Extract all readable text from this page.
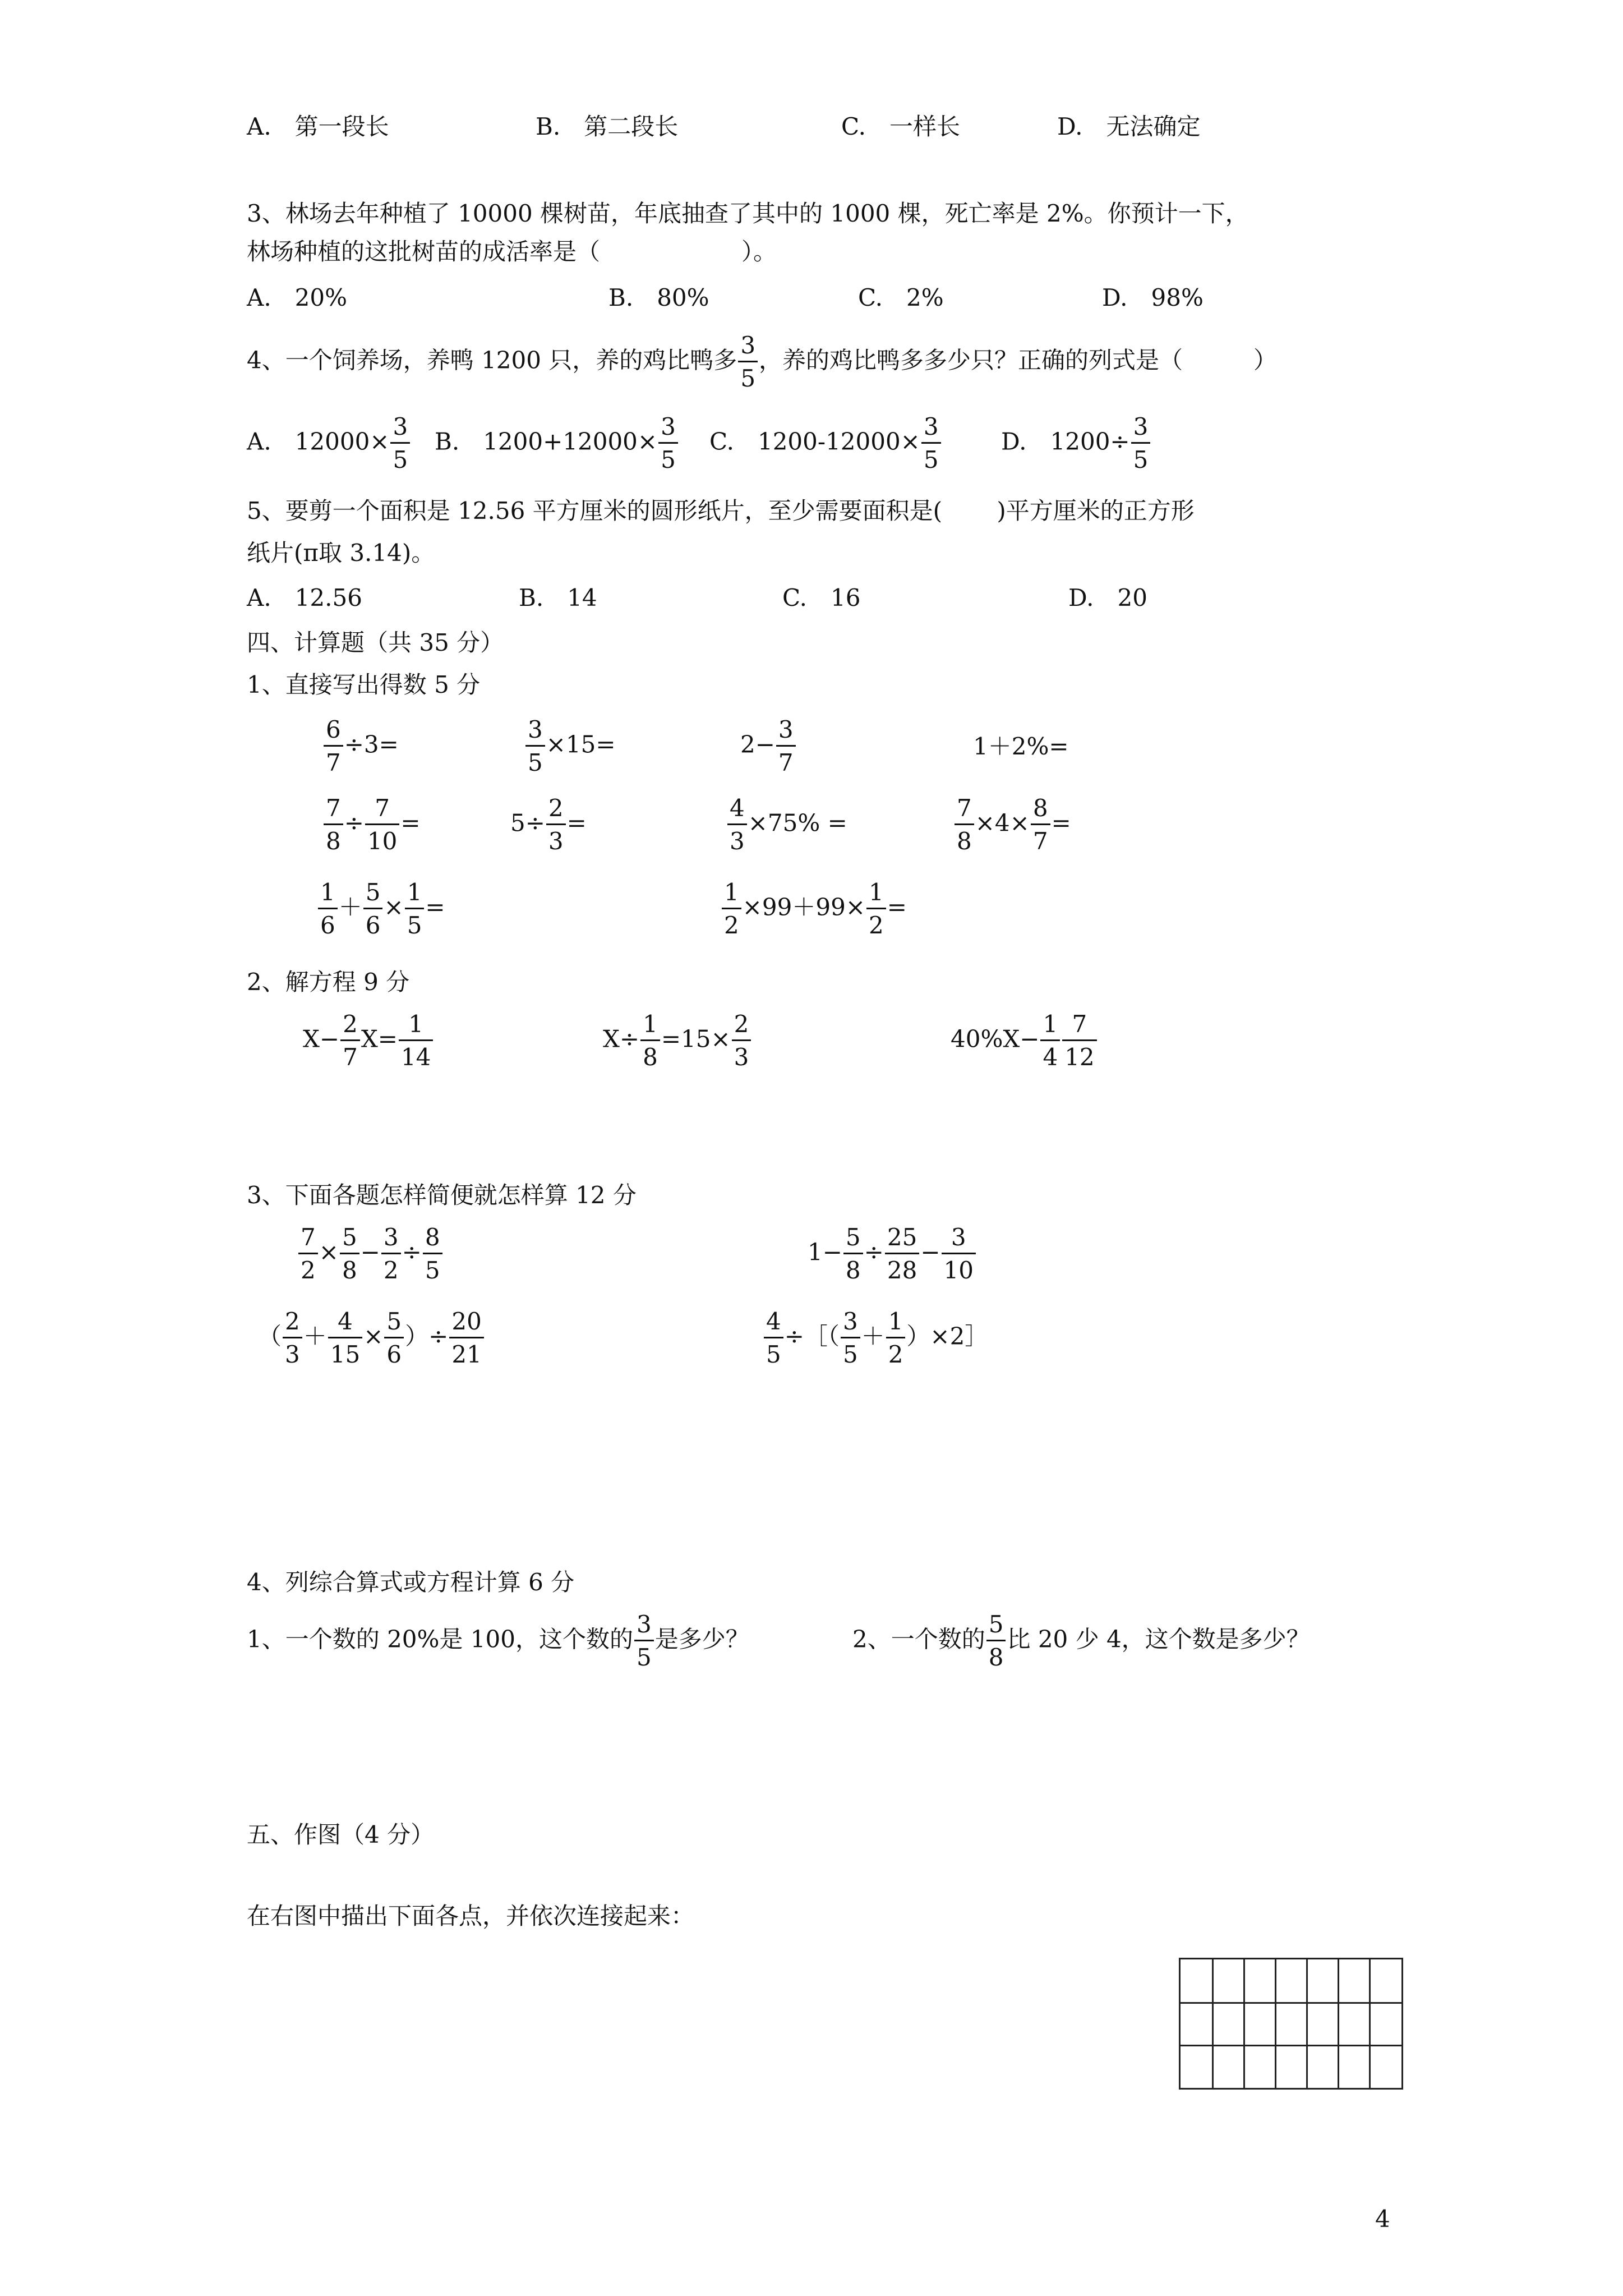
A.　第一段长	B.　第二段长	C.　一样长	D.　无法确定
3、林场去年种植了 10000 棵树苗，年底抽查了其中的 1000 棵，死亡率是 2%。你预计一下，
林场种植的这批树苗的成活率是（　　　　　　）。
A.　20%	B.　80%	C.　2%	D.　98%
4、一个饲养场，养鸭 1200 只，养的鸡比鸭多 $\frac{3}{5}$ ，养的鸡比鸭多多少只？正确的列式是（　　　）
A.　$12000\times \frac{3}{5} B$.　$1200+12000\times \frac{3}{5} C$.　$1200-12000\times \frac{3}{5}$	D.　$1200\div \frac{3}{5}$
5、要剪一个面积是 12.56 平方厘米的圆形纸片，至少需要面积是(　　 )平方厘米的正方形
纸片(π取 3.14)。
A.　12.56	B.　14	C.　16	D.　20
四、计算题（共 35 分）
1、直接写出得数 5 分
$\frac{6}{7} \div 3=$	$\frac{3}{5} \times 15=$	$2- \frac{3}{7}$	1＋2%=
$\frac{7}{8} \div \frac{7}{10}$ =	$5\div \frac{2}{3}$ =	$\frac{4}{3} \times 75\%$ =	$\frac{7}{8} \times 4\times \frac{8}{7}$ =
$\frac{1}{6} + \frac{5}{6} \times \frac{1}{5}$ =	$\frac{1}{2} \times 99+99\times \frac{1}{2}$ =
2、解方程 9 分
$X- \frac{2}{7} X= \frac{1}{14}$	$X\div \frac{1}{8} =15\times \frac{2}{3}$	$40\%X- \frac{1}{4} \frac{7}{12}$
3、下面各题怎样简便就怎样算 12 分
$\frac{7}{2} \times \frac{5}{8} - \frac{3}{2} \div \frac{8}{5}$	$1- \frac{5}{8} \div \frac{25}{28} - \frac{3}{10}$
（ $\frac{2}{3} + \frac{4}{15} \times \frac{5}{6}$ ）÷ $\frac{20}{21}$	$\frac{4}{5}$ ÷［（ $\frac{3}{5} + \frac{1}{2}$ ）×2］
4、列综合算式或方程计算 6 分
1、一个数的 20%是 100，这个数的 $\frac{3}{5}$ 是多少？	2、一个数的 $\frac{5}{8}$ 比 20 少 4，这个数是多少？
五、作图（4 分）
在右图中描出下面各点，并依次连接起来：
4
